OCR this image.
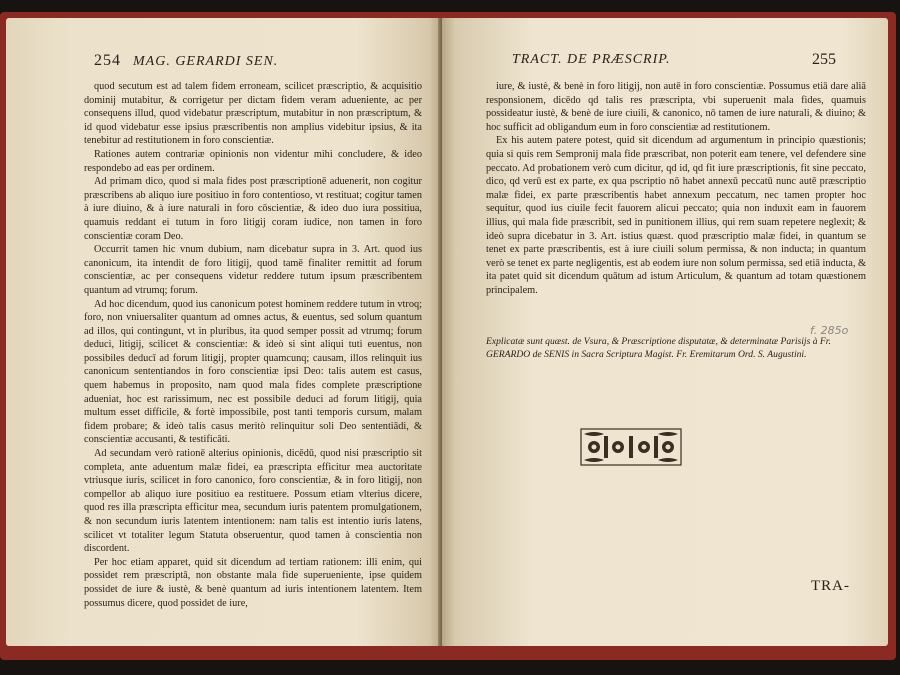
254 MAG. GERARDI SEN.

quod secutum est ad talem fidem erroneam, scilicet præscriptio, & acquisitio dominij mutabitur, & corrigetur per dictam fidem veram adueniente, ac per consequens illud, quod videbatur præscriptum, mutabitur in non præscriptum, & id quod videbatur esse ipsius præscribentis non amplius videbitur ipsius, & ita tenebitur ad restitutionem in foro conscientiæ.

Rationes autem contrariæ opinionis non videntur mihi concludere, & ideo respondebo ad eas per ordinem.

Ad primam dico, quod si mala fides post præscriptionē aduenerit, non cogitur præscribens ab aliquo iure positiuo in foro contentioso, vt restituat; cogitur tamen à iure diuino, & à iure naturali in foro cōscientiæ, & ideo duo iura possitiua, quamuis reddant ei tutum in foro litigij coram iudice, non tamen in foro conscientiæ coram Deo.

Occurrit tamen hic vnum dubium, nam dicebatur supra in 3. Art. quod ius canonicum, ita intendit de foro litigij, quod tamē finaliter remittit ad forum conscientiæ, ac per consequens videtur reddere tutum ipsum præscribentem quantum ad vtrumq; forum.

Ad hoc dicendum, quod ius canonicum potest hominem reddere tutum in vtroq; foro, non vniuersaliter quantum ad omnes actus, & euentus, sed solum quantum ad illos, qui contingunt, vt in pluribus, ita quod semper possit ad vtrumq; forum deduci, litigij, scilicet & conscientiæ: & ideò si sint aliqui tuti euentus, non possibiles deducī ad forum litigij, propter quamcunq; causam, illos relinquit ius canonicum sententiandos in foro conscientiæ ipsi Deo: talis autem est casus, quem habemus in proposito, nam quod mala fides complete præscriptione adueniat, hoc est rarissimum, nec est possibile deduci ad forum litigij, quia multum esset difficile, & fortè impossibile, post tanti temporis cursum, malam fidem probare; & ideò talis casus meritò relinquitur soli Deo sententiādi, & conscientiæ accusanti, & testificāti.

Ad secundam verò rationē alterius opinionis, dicēdū, quod nisi præscriptio sit completa, ante aduentum malæ fidei, ea præscripta efficitur mea auctoritate vtriusque iuris, scilicet in foro canonico, foro conscientiæ, & in foro litigij, non compellor ab aliquo iure positiuo ea restituere. Possum etiam vlterius dicere, quod res illa præscripta efficitur mea, secundum iuris patentem promulgationem, & non secundum iuris latentem intentionem: nam talis est intentio iuris latens, scilicet vt totaliter legum Statuta obseruentur, quod tamen à conscientia non discordent.

Per hoc etiam apparet, quid sit dicendum ad tertiam rationem: illi enim, qui possidet rem præscriptā, non obstante mala fide superueniente, ipse quidem possidet de iure & iustè, & benè quantum ad iuris intentionem latentem. Item possumus dicere, quod possidet de iure,

TRACT. DE PRÆSCRIP.	255

iure, & iustè, & benè in foro litigij, non autē in foro conscientiæ. Possumus etiā dare aliā responsionem, dicēdo qd talis res præscripta, vbi superuenit mala fides, quamuis possideatur iustè, & benè de iure ciuili, & canonico, nō tamen de iure naturali, & diuino; & hoc sufficit ad obligandum eum in foro conscientiæ ad restitutionem.

Ex his autem patere potest, quid sit dicendum ad argumentum in principio quæstionis; quia si quis rem Sempronij mala fide præscribat, non poterit eam tenere, vel defendere sine peccato. Ad probationem verò cum dicitur, qd id, qd fit iure præscriptionis, fit sine peccato, dico, qd verū est ex parte, ex qua pscriptio nō habet annexū peccatū nunc autē præscriptio malæ fidei, ex parte præscribentis habet annexum peccatum, nec tamen propter hoc sequitur, quod ius ciuile fecit fauorem alicui peccato; quia non induxit eam in fauorem illius, qui mala fide præscribit, sed in punitionem illius, qui rem suam repetere neglexit; & ideò supra dicebatur in 3. Art. istius quæst. quod præscriptio malæ fidei, in quantum se tenet ex parte præscribentis, est à iure ciuili solum permissa, & non inducta; in quantum verò se tenet ex parte negligentis, est ab eodem iure non solum permissa, sed etiā inducta, & ita patet quid sit dicendum quātum ad istum Articulum, & quantum ad totam quæstionem principalem.

Explicatæ sunt quæst. de Vsura, & Præscriptione disputatæ, & determinatæ Parisijs à Fr. GERARDO de SENIS in Sacra Scriptura Magist. Fr. Eremitarum Ord. S. Augustini.
f. 285o
TRA-
